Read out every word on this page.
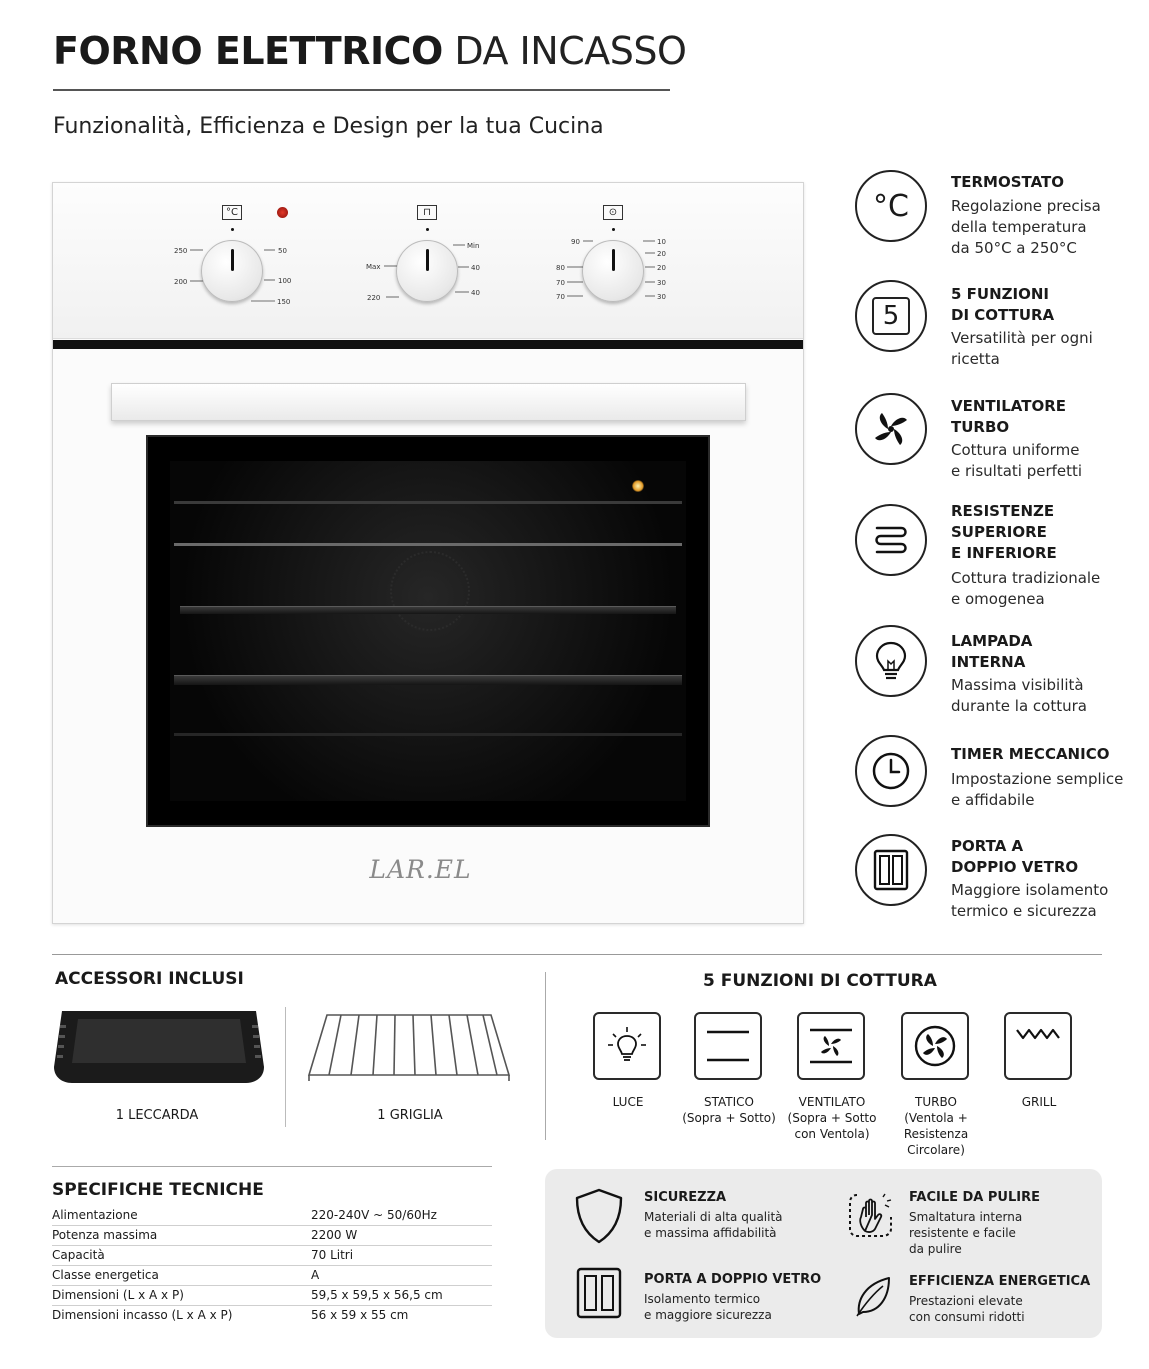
FORNO ELETTRICO DA INCASSO
Funzionalità, Efficienza e Design per la tua Cucina
°C
250
200
50
100
150
⊓
Max
220
Min
40
40
⊙
90
80
70
70
10
20
20
30
30
LAR.EL
°C
TERMOSTATO
Regolazione precisa
della temperatura
da 50°C a 250°C
5
5 FUNZIONI
DI COTTURA
Versatilità per ogni
ricetta
VENTILATORE
TURBO
Cottura uniforme
e risultati perfetti
RESISTENZE
SUPERIORE
E INFERIORE
Cottura tradizionale
e omogenea
LAMPADA
INTERNA
Massima visibilità
durante la cottura
TIMER MECCANICO
Impostazione semplice
e affidabile
PORTA A
DOPPIO VETRO
Maggiore isolamento
termico e sicurezza
ACCESSORI INCLUSI
1 LECCARDA	1 GRIGLIA
5 FUNZIONI DI COTTURA
LUCE	STATICO
(Sopra + Sotto)
VENTILATO
(Sopra + Sotto
con Ventola)
TURBO
(Ventola +
Resistenza
Circolare)
GRILL
SPECIFICHE TECNICHE
Alimentazione	220-240V ~ 50/60Hz
Potenza massima	2200 W
Capacità	70 Litri
Classe energetica	A
Dimensioni (L x A x P)	59,5 x 59,5 x 56,5 cm
Dimensioni incasso (L x A x P)	56 x 59 x 55 cm
SICUREZZA
Materiali di alta qualità
e massima affidabilità
FACILE DA PULIRE
Smaltatura interna
resistente e facile
da pulire
PORTA A DOPPIO VETRO
Isolamento termico
e maggiore sicurezza
EFFICIENZA ENERGETICA
Prestazioni elevate
con consumi ridotti
